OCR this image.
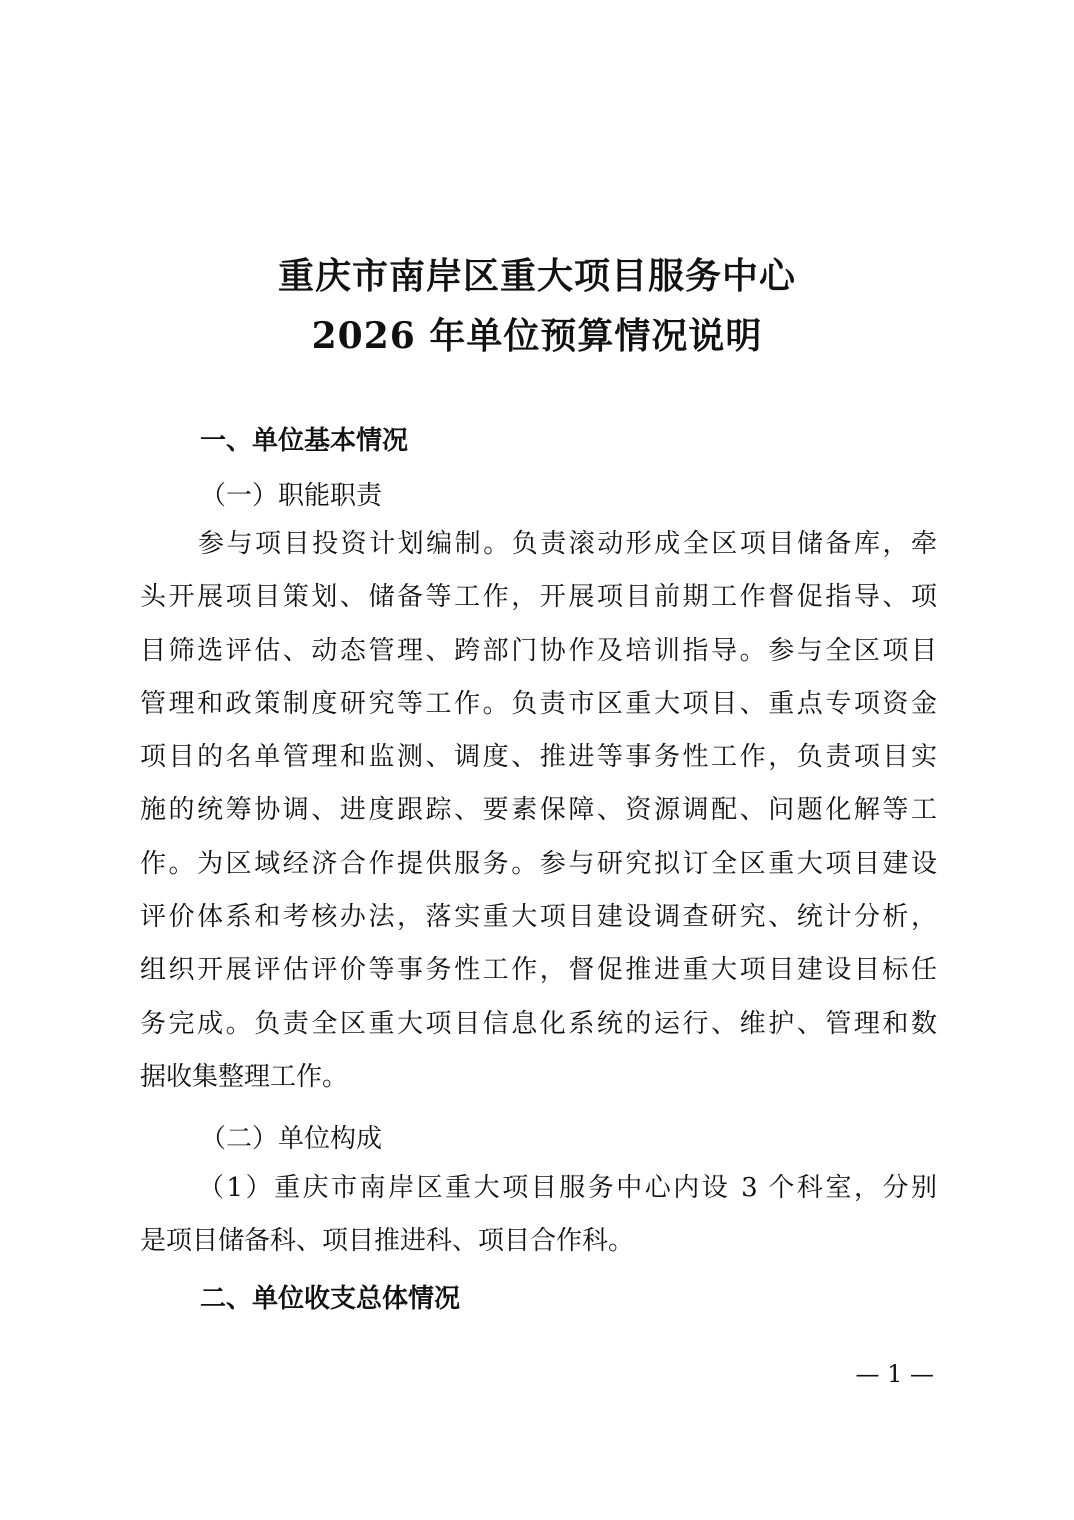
重庆市南岸区重大项目服务中心
2026 年单位预算情况说明
一、单位基本情况
（一）职能职责
参与项目投资计划编制。负责滚动形成全区项目储备库，牵
头开展项目策划、储备等工作，开展项目前期工作督促指导、项
目筛选评估、动态管理、跨部门协作及培训指导。参与全区项目
管理和政策制度研究等工作。负责市区重大项目、重点专项资金
项目的名单管理和监测、调度、推进等事务性工作，负责项目实
施的统筹协调、进度跟踪、要素保障、资源调配、问题化解等工
作。为区域经济合作提供服务。参与研究拟订全区重大项目建设
评价体系和考核办法，落实重大项目建设调查研究、统计分析，
组织开展评估评价等事务性工作，督促推进重大项目建设目标任
务完成。负责全区重大项目信息化系统的运行、维护、管理和数
据收集整理工作。
（二）单位构成
（1）重庆市南岸区重大项目服务中心内设 3 个科室，分别
是项目储备科、项目推进科、项目合作科。
二、单位收支总体情况
— 1 —
